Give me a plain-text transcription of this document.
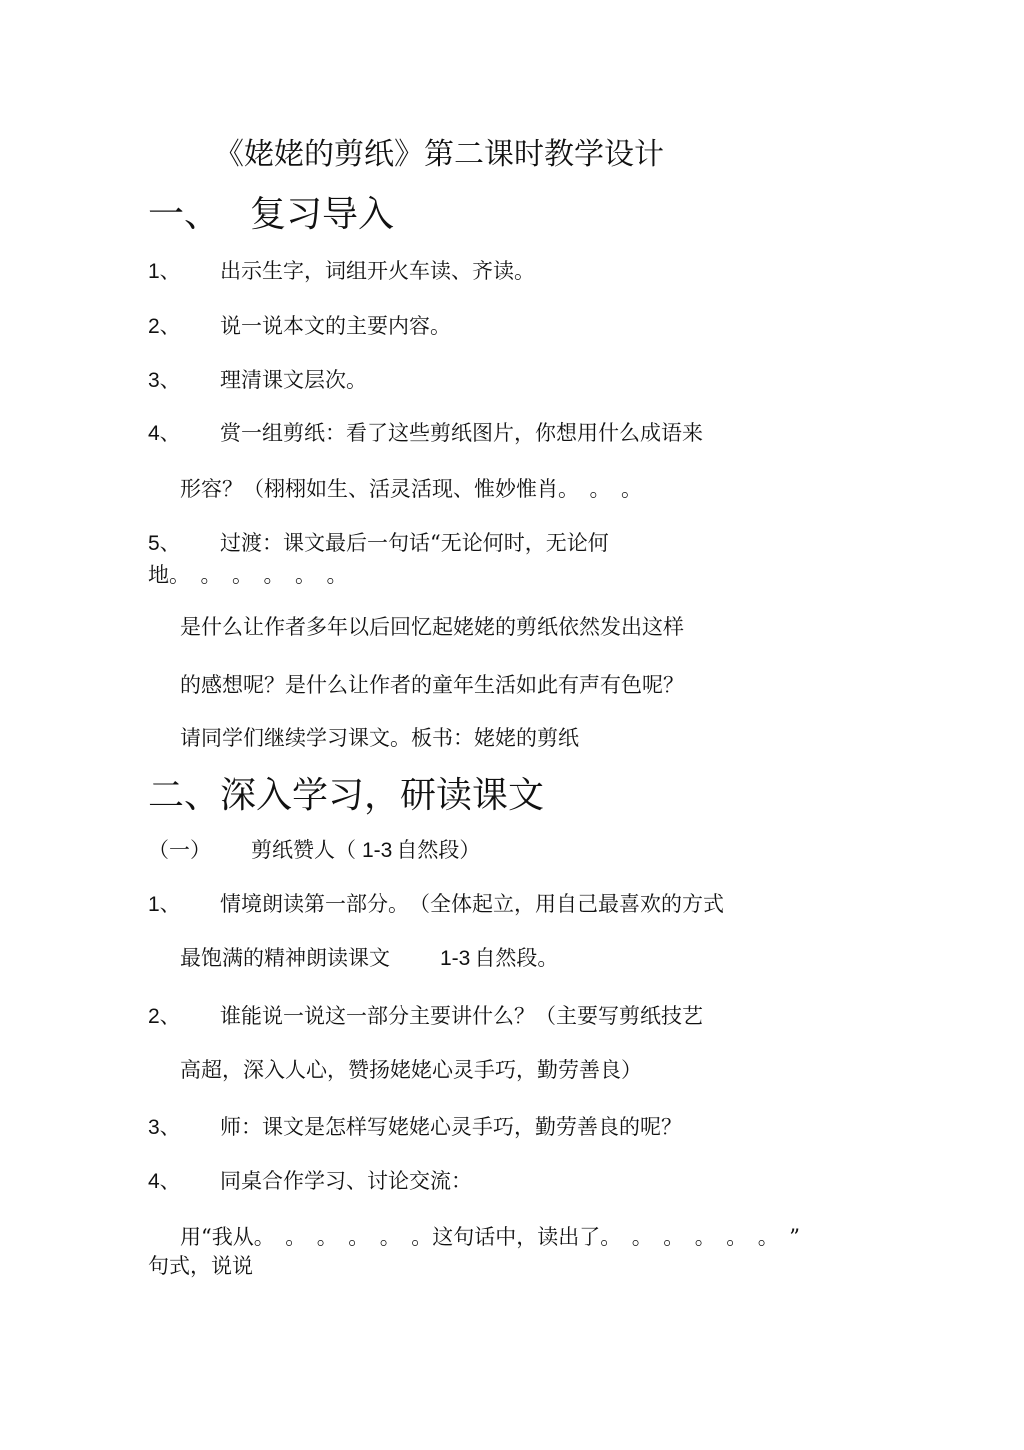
《姥姥的剪纸》第二课时教学设计
一、 复习导入
1、 出示生字，词组开火车读、齐读。
2、 说一说本文的主要内容。
3、 理清课文层次。
4、 赏一组剪纸：看了这些剪纸图片，你想用什么成语来
形容？（栩栩如生、活灵活现、惟妙惟肖。　。　。
5、 过渡：课文最后一句话“无论何时，无论何
地。　。　。　。　。　。
是什么让作者多年以后回忆起姥姥的剪纸依然发出这样
的感想呢？是什么让作者的童年生活如此有声有色呢？
请同学们继续学习课文。板书：姥姥的剪纸
二、深入学习，研读课文
（一） 剪纸赞人（ 1-3 自然段）
1、 情境朗读第一部分。　（全体起立，用自己最喜欢的方式
最饱满的精神朗读课文 1-3 自然段。
2、 谁能说一说这一部分主要讲什么？（主要写剪纸技艺
高超，深入人心，赞扬姥姥心灵手巧，勤劳善良）
3、 师：课文是怎样写姥姥心灵手巧，勤劳善良的呢？
4、 同桌合作学习、讨论交流：
用“我从。　。　。　。　。　。这句话中，读出了。　。　。　。　。　。　”
句式，说说
